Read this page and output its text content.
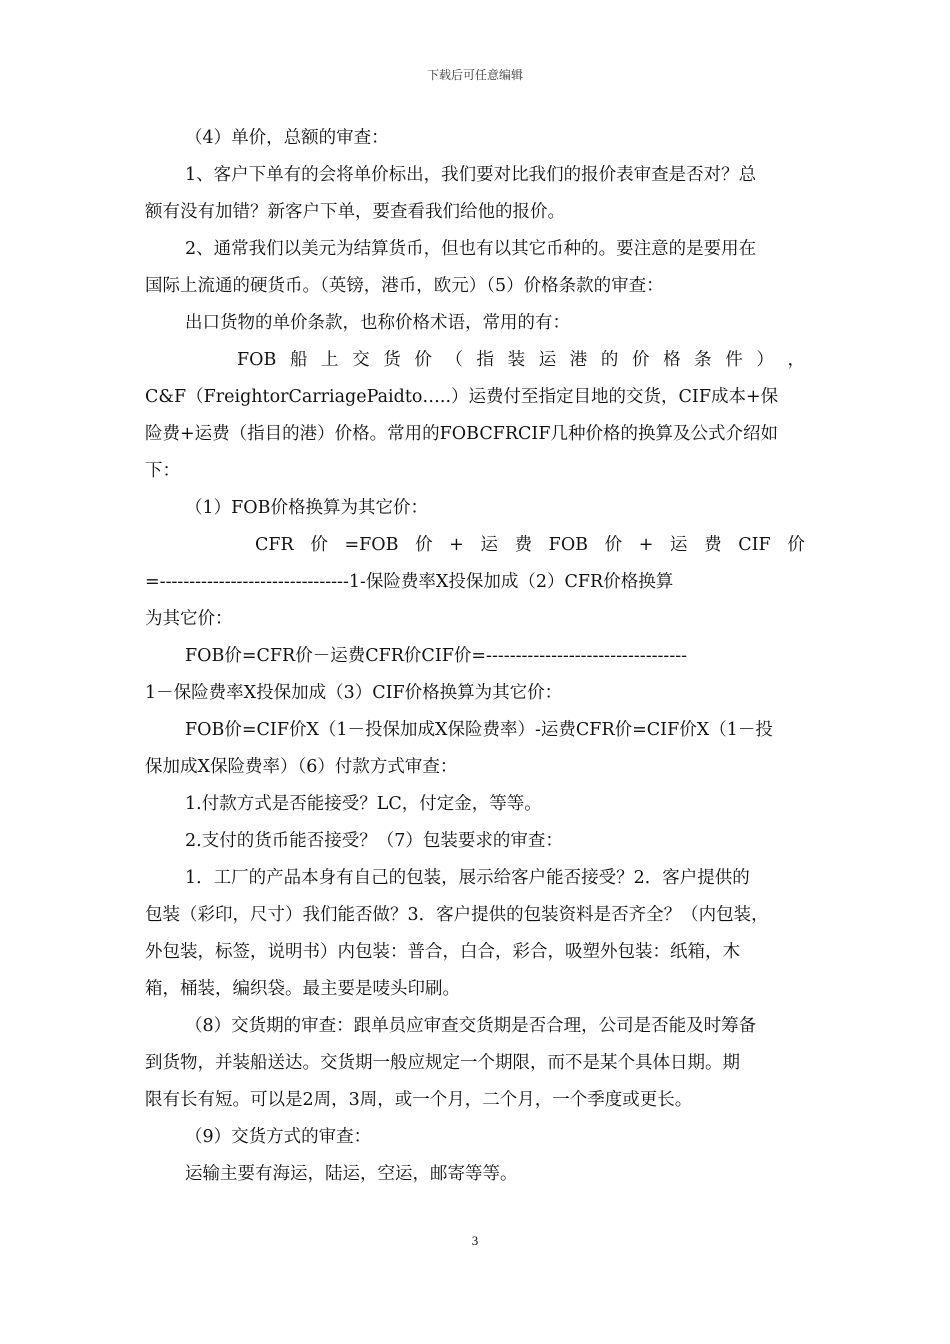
下载后可任意编辑
（4）单价，总额的审查：
1、客户下单有的会将单价标出，我们要对比我们的报价表审查是否对？总
额有没有加错？新客户下单，要查看我们给他的报价。
2、通常我们以美元为结算货币，但也有以其它币种的。要注意的是要用在
国际上流通的硬货币。（英镑，港币，欧元）（5）价格条款的审查：
出口货物的单价条款，也称价格术语，常用的有：
FOB 船 上 交 货 价 （ 指 装 运 港 的 价 格 条 件 ） ，
C&F（FreightorCarriagePaidto…..）运费付至指定目地的交货，CIF成本+保
险费+运费（指目的港）价格。常用的FOBCFRCIF几种价格的换算及公式介绍如
下：
（1）FOB价格换算为其它价：
CFR 价 =FOB 价 + 运 费 FOB 价 + 运 费 CIF 价
=--------------------------------1-保险费率X投保加成（2）CFR价格换算
为其它价：
FOB价=CFR价－运费CFR价CIF价=----------------------------------
1－保险费率X投保加成（3）CIF价格换算为其它价：
FOB价=CIF价X（1－投保加成X保险费率）-运费CFR价=CIF价X（1－投
保加成X保险费率）（6）付款方式审查：
1.付款方式是否能接受？LC，付定金，等等。
2.支付的货币能否接受？（7）包装要求的审查：
1．工厂的产品本身有自己的包装，展示给客户能否接受？2．客户提供的
包装（彩印，尺寸）我们能否做？3．客户提供的包装资料是否齐全？（内包装，
外包装，标签，说明书）内包装：普合，白合，彩合，吸塑外包装：纸箱，木
箱，桶装，编织袋。最主要是唛头印刷。
（8）交货期的审查：跟单员应审查交货期是否合理，公司是否能及时筹备
到货物，并装船送达。交货期一般应规定一个期限，而不是某个具体日期。期
限有长有短。可以是2周，3周，或一个月，二个月，一个季度或更长。
（9）交货方式的审查：
运输主要有海运，陆运，空运，邮寄等等。
3
